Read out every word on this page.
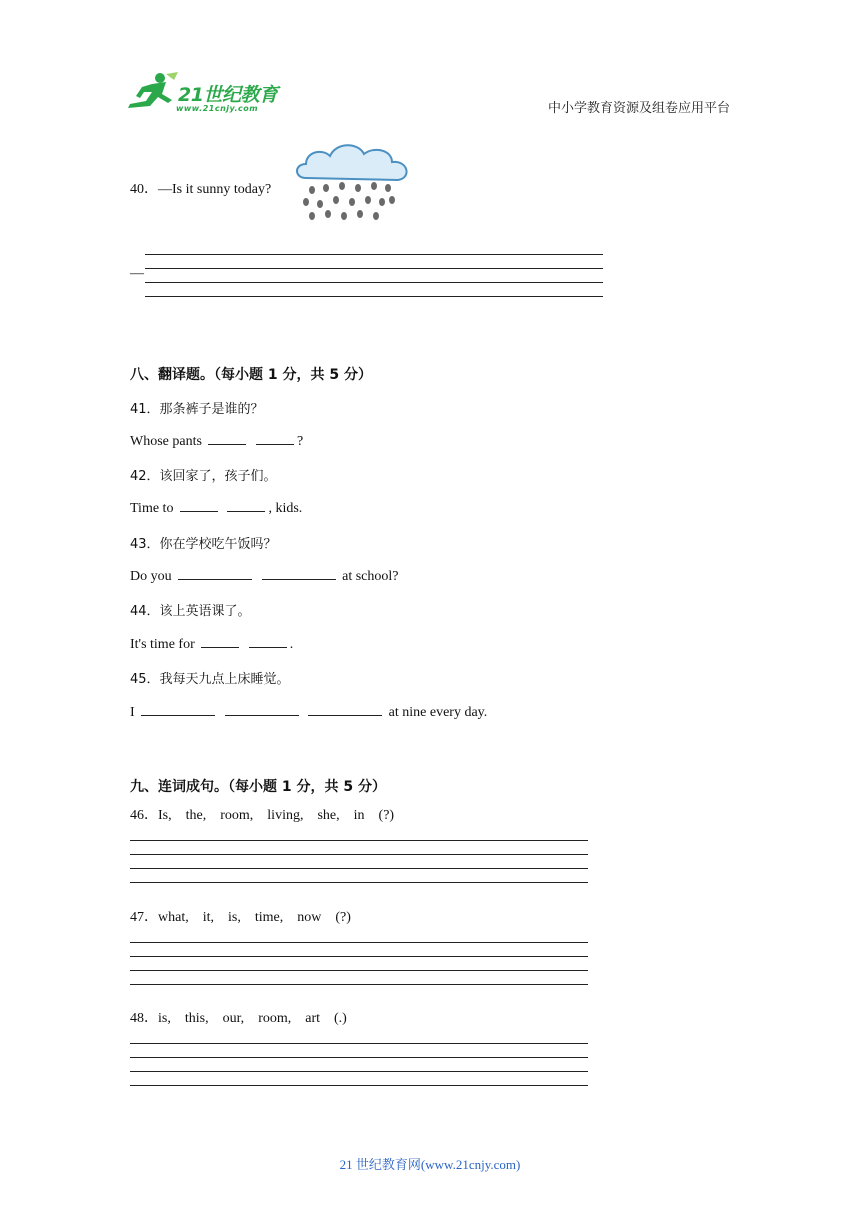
21世纪教育
www.21cnjy.com	中小学教育资源及组卷应用平台
40．—Is it sunny today?
—
八、翻译题。（每小题 1 分，共 5 分）
41．那条裤子是谁的？
Whose pants	?
42．该回家了，孩子们。
Time to	, kids.
43．你在学校吃午饭吗？
Do you	at school?
44．该上英语课了。
It's time for	.
45．我每天九点上床睡觉。
I	at nine every day.
九、连词成句。（每小题 1 分，共 5 分）
46．Is, the, room, living, she, in (?)
47．what, it, is, time, now (?)
48．is, this, our, room, art (.)
21 世纪教育网(www.21cnjy.com)
